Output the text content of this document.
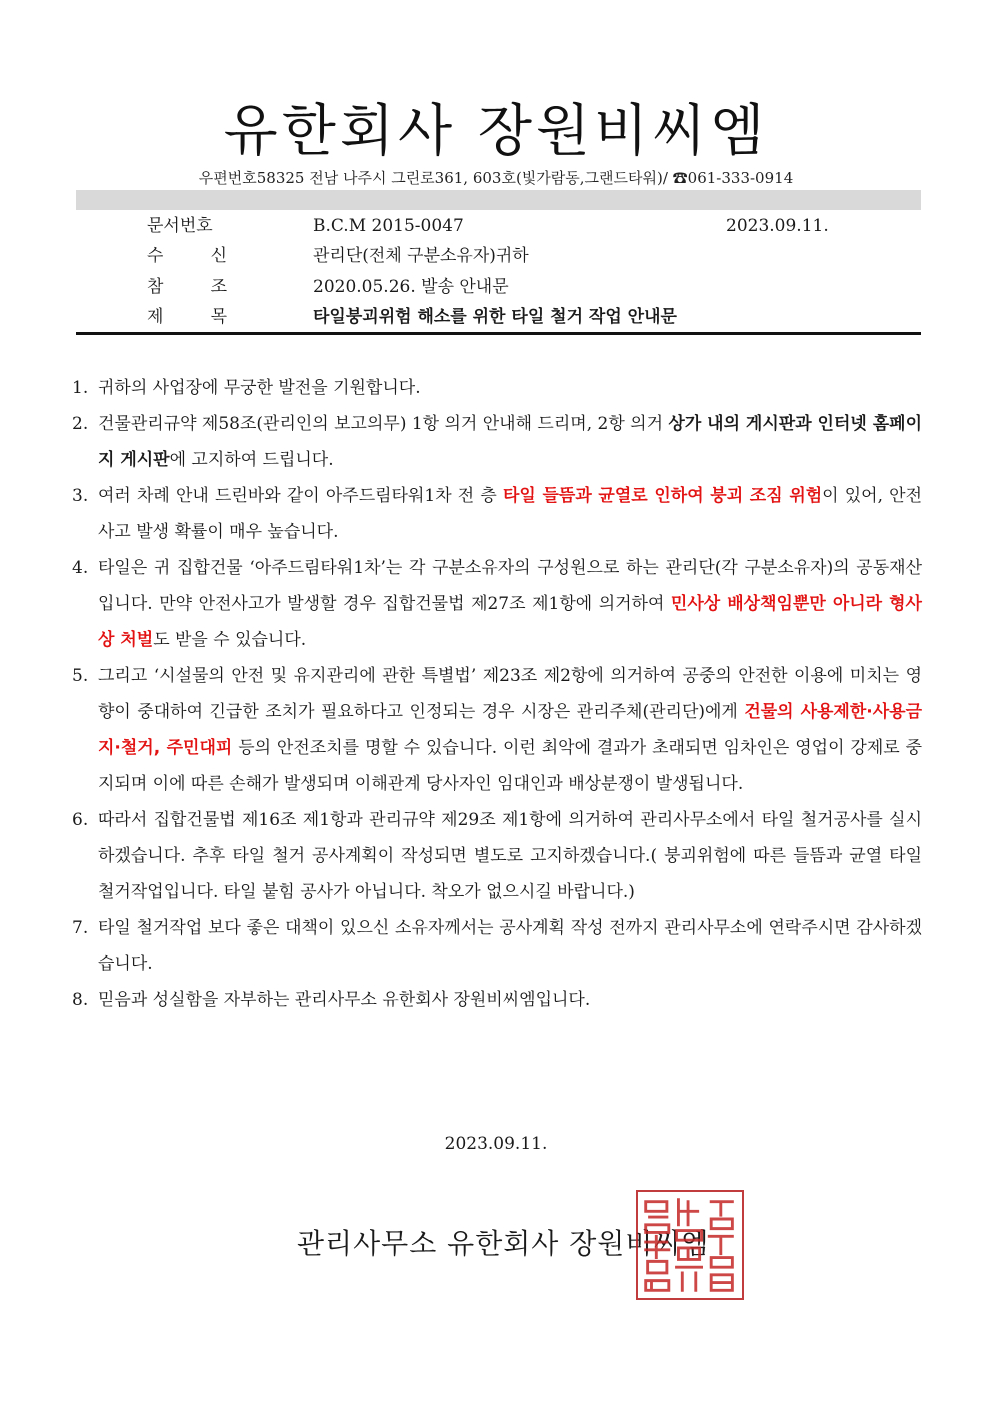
유한회사 장원비씨엠
우편번호58325 전남 나주시 그린로361, 603호(빛가람동,그랜드타워)/ ☎061-333-0914
문서번호	B.C.M 2015-0047	2023.09.11.
수 신	관리단(전체 구분소유자)귀하
참 조	2020.05.26. 발송 안내문
제 목	타일붕괴위험 해소를 위한 타일 철거 작업 안내문
1. 귀하의 사업장에 무궁한 발전을 기원합니다.
2. 건물관리규약 제58조(관리인의 보고의무) 1항 의거 안내해 드리며, 2항 의거 상가 내의 게시판과 인터넷 홈페이지 게시판에 고지하여 드립니다.
3. 여러 차례 안내 드린바와 같이 아주드림타워1차 전 층 타일 들뜸과 균열로 인하여 붕괴 조짐 위험이 있어, 안전사고 발생 확률이 매우 높습니다.
4. 타일은 귀 집합건물 ‘아주드림타워1차’는 각 구분소유자의 구성원으로 하는 관리단(각 구분소유자)의 공동재산입니다. 만약 안전사고가 발생할 경우 집합건물법 제27조 제1항에 의거하여 민사상 배상책임뿐만 아니라 형사상 처벌도 받을 수 있습니다.
5. 그리고 ‘시설물의 안전 및 유지관리에 관한 특별법’ 제23조 제2항에 의거하여 공중의 안전한 이용에 미치는 영향이 중대하여 긴급한 조치가 필요하다고 인정되는 경우 시장은 관리주체(관리단)에게 건물의 사용제한·사용금지·철거, 주민대피 등의 안전조치를 명할 수 있습니다. 이런 최악에 결과가 초래되면 임차인은 영업이 강제로 중지되며 이에 따른 손해가 발생되며 이해관계 당사자인 임대인과 배상분쟁이 발생됩니다.
6. 따라서 집합건물법 제16조 제1항과 관리규약 제29조 제1항에 의거하여 관리사무소에서 타일 철거공사를 실시하겠습니다. 추후 타일 철거 공사계획이 작성되면 별도로 고지하겠습니다.( 붕괴위험에 따른 들뜸과 균열 타일 철거작업입니다. 타일 붙힘 공사가 아닙니다. 착오가 없으시길 바랍니다.)
7. 타일 철거작업 보다 좋은 대책이 있으신 소유자께서는 공사계획 작성 전까지 관리사무소에 연락주시면 감사하겠습니다.
8. 믿음과 성실함을 자부하는 관리사무소 유한회사 장원비씨엠입니다.
2023.09.11.
관리사무소 유한회사 장원비씨엠
